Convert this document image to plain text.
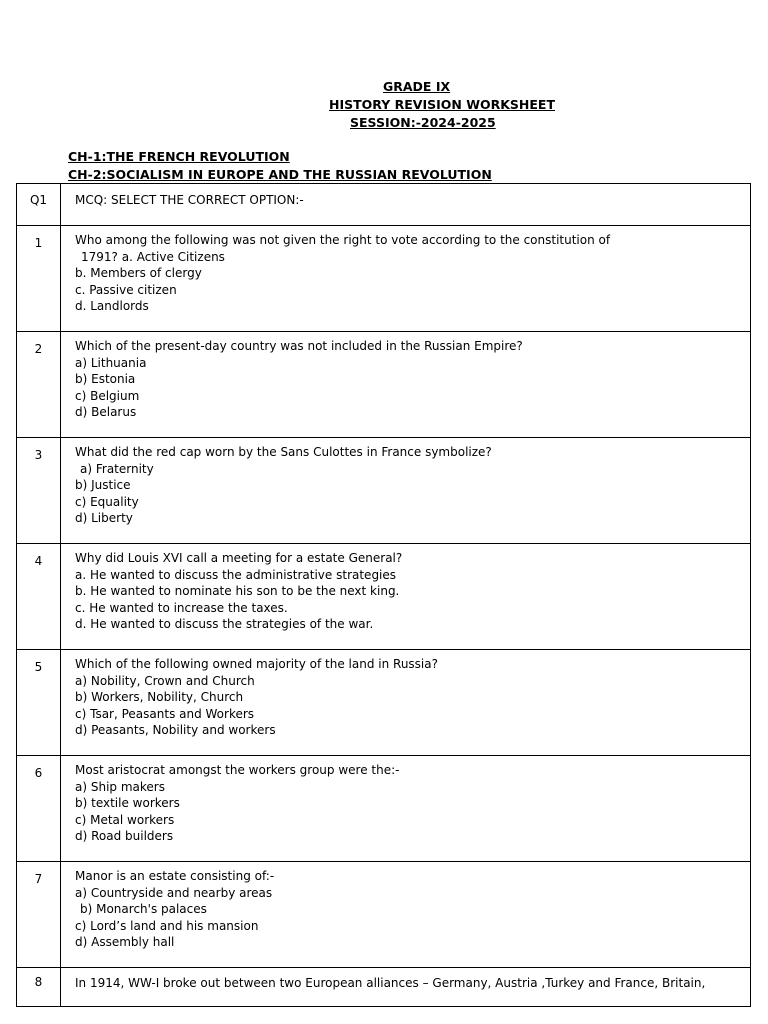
GRADE IX
HISTORY REVISION WORKSHEET
SESSION:-2024-2025
CH-1:THE FRENCH REVOLUTION
CH-2:SOCIALISM IN EUROPE AND THE RUSSIAN REVOLUTION
Q1	MCQ: SELECT THE CORRECT OPTION:-
1	Who among the following was not given the right to vote according to the constitution of
1791? a. Active Citizens
b. Members of clergy
c. Passive citizen
d. Landlords

2	Which of the present-day country was not included in the Russian Empire?
a) Lithuania
b) Estonia
c) Belgium
d) Belarus

3	What did the red cap worn by the Sans Culottes in France symbolize?
a) Fraternity
b) Justice
c) Equality
d) Liberty

4	Why did Louis XVI call a meeting for a estate General?
a. He wanted to discuss the administrative strategies
b. He wanted to nominate his son to be the next king.
c. He wanted to increase the taxes.
d. He wanted to discuss the strategies of the war.

5	Which of the following owned majority of the land in Russia?
a) Nobility, Crown and Church
b) Workers, Nobility, Church
c) Tsar, Peasants and Workers
d) Peasants, Nobility and workers

6	Most aristocrat amongst the workers group were the:-
a) Ship makers
b) textile workers
c) Metal workers
d) Road builders

7	Manor is an estate consisting of:-
a) Countryside and nearby areas
b) Monarch's palaces
c) Lord’s land and his mansion
d) Assembly hall

8	In 1914, WW-I broke out between two European alliances – Germany, Austria ,Turkey and France, Britain,
